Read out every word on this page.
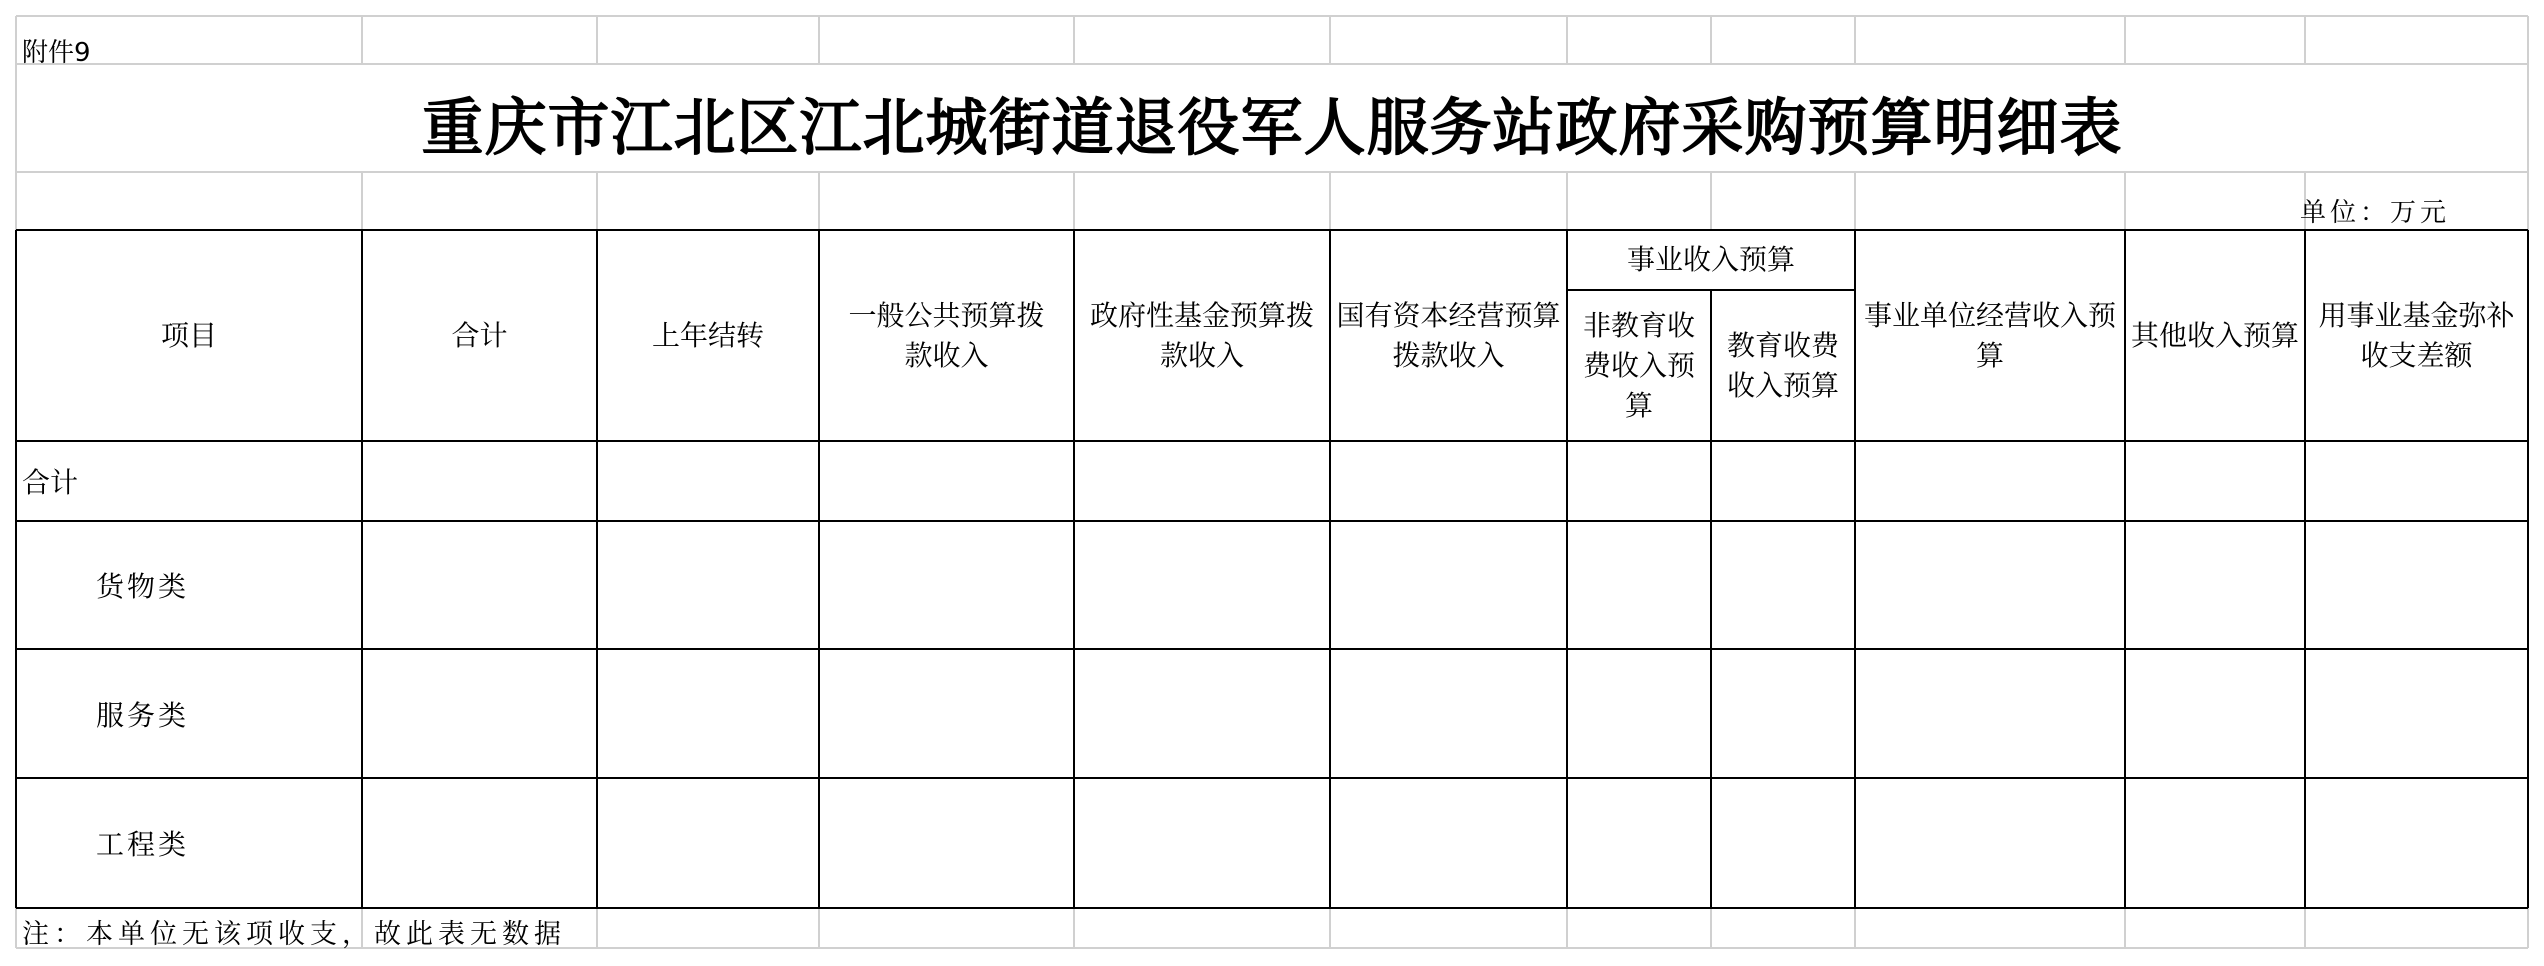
附件9
重庆市江北区江北城街道退役军人服务站政府采购预算明细表
单位：万元
项目	合计	上年结转
一般公共预算拨款收入
政府性基金预算拨款收入
国有资本经营预算拨款收入
事业收入预算
非教育收费收入预算
教育收费收入预算
事业单位经营收入预算
其他收入预算
用事业基金弥补收支差额
合计
货物类
服务类
工程类
注：本单位无该项收支，故此表无数据
